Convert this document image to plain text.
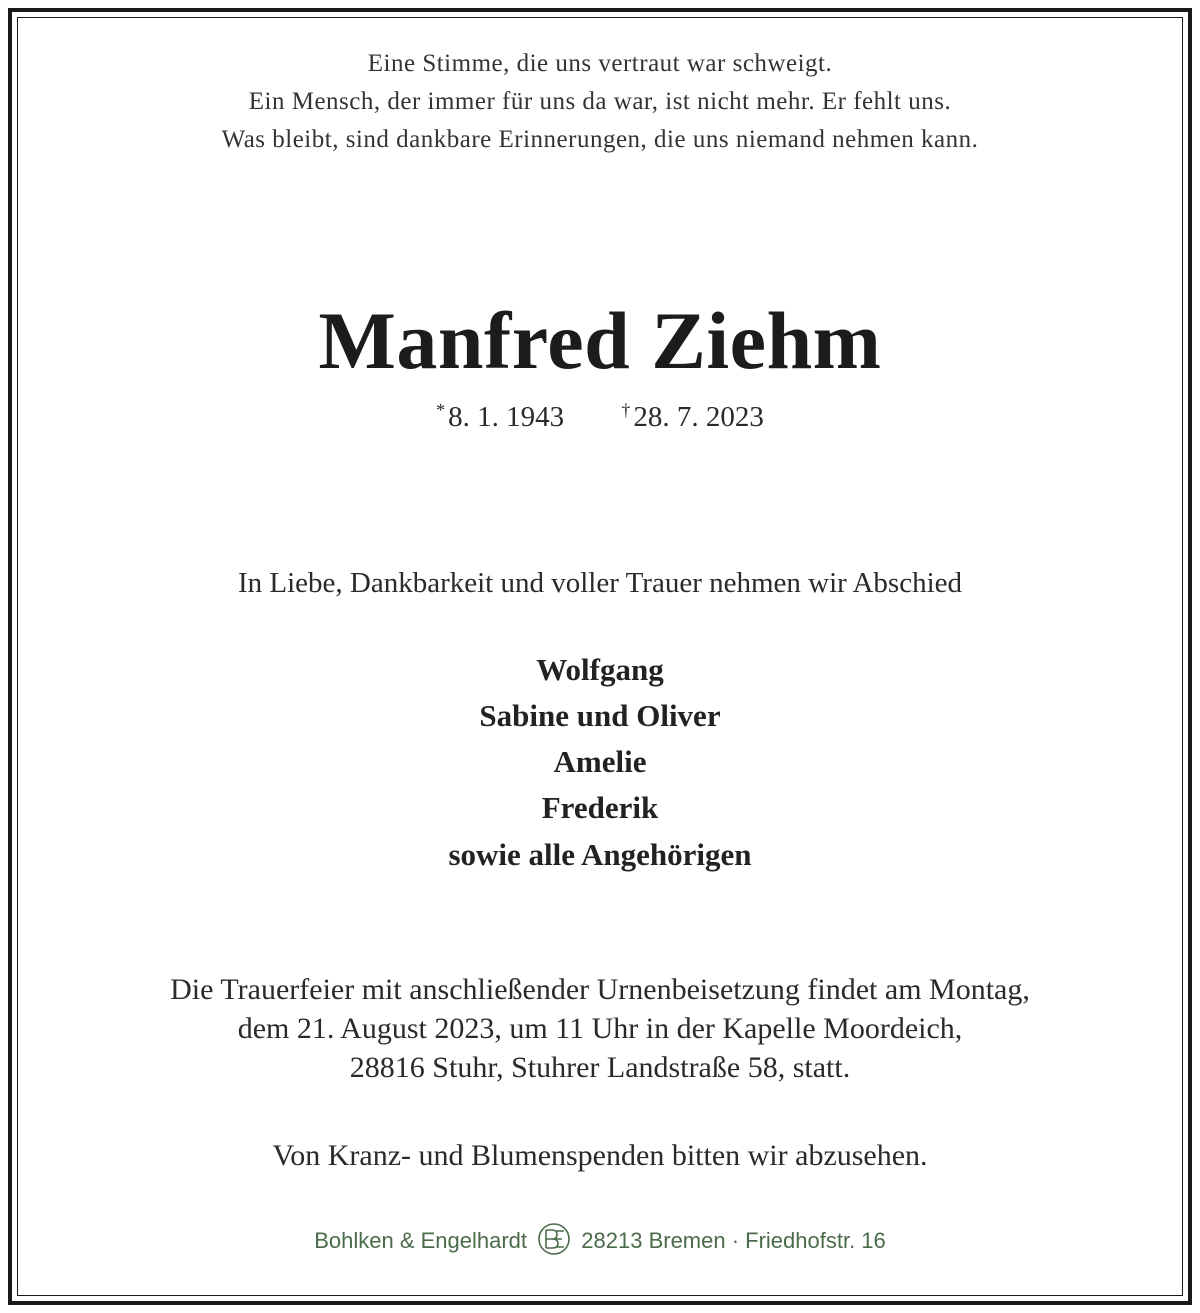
Eine Stimme, die uns vertraut war schweigt.
Ein Mensch, der immer für uns da war, ist nicht mehr. Er fehlt uns.
Was bleibt, sind dankbare Erinnerungen, die uns niemand nehmen kann.
Manfred Ziehm
* 8. 1. 1943	† 28. 7. 2023
In Liebe, Dankbarkeit und voller Trauer nehmen wir Abschied
Wolfgang
Sabine und Oliver
Amelie
Frederik
sowie alle Angehörigen
Die Trauerfeier mit anschließender Urnenbeisetzung findet am Montag,
dem 21. August 2023, um 11 Uhr in der Kapelle Moordeich,
28816 Stuhr, Stuhrer Landstraße 58, statt.
Von Kranz- und Blumenspenden bitten wir abzusehen.
Bohlken & Engelhardt 28213 Bremen · Friedhofstr. 16
